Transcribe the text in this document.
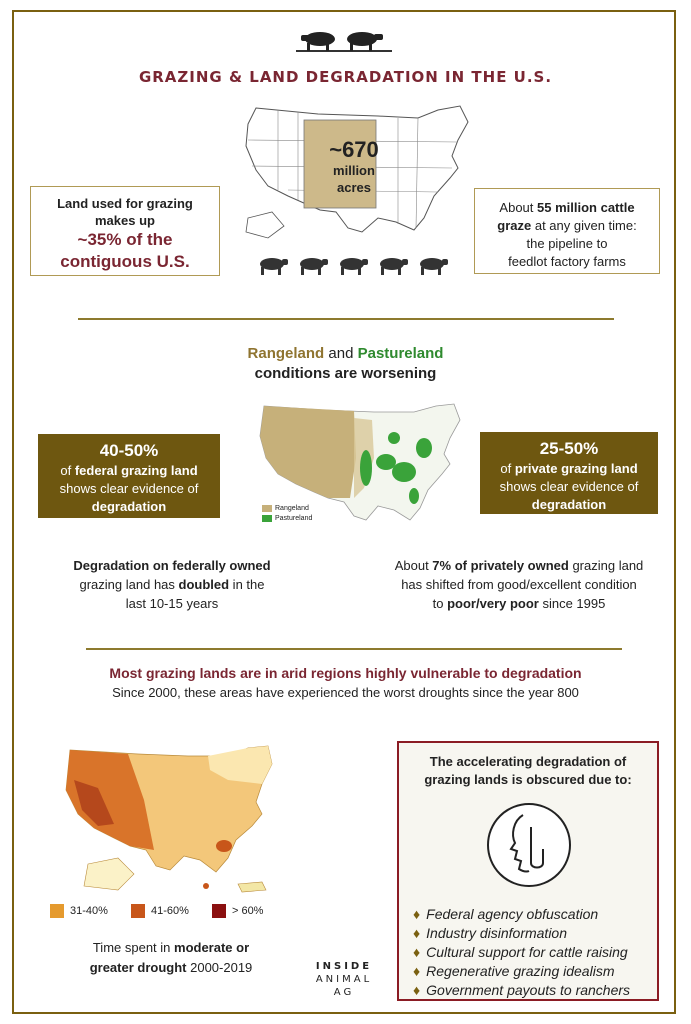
GRAZING & LAND DEGRADATION IN THE U.S.
~670
million
acres
Land used for grazing
makes up
~35% of the
contiguous U.S.
About 55 million cattle
graze at any given time:
the pipeline to
feedlot factory farms
Rangeland and Pastureland
conditions are worsening
Rangeland
Pastureland
40-50%
of federal grazing land
shows clear evidence of
degradation
25-50%
of private grazing land
shows clear evidence of
degradation
Degradation on federally owned
grazing land has doubled in the
last 10-15 years
About 7% of privately owned grazing land
has shifted from good/excellent condition
to poor/very poor since 1995
Most grazing lands are in arid regions highly vulnerable to degradation
Since 2000, these areas have experienced the worst droughts since the year 800
31-40%	41-60%	> 60%
Time spent in moderate or
greater drought 2000-2019	INSIDE
ANIMAL
AG
The accelerating degradation of
grazing lands is obscured due to:
♦ Federal agency obfuscation
♦ Industry disinformation
♦ Cultural support for cattle raising
♦ Regenerative grazing idealism
♦ Government payouts to ranchers
